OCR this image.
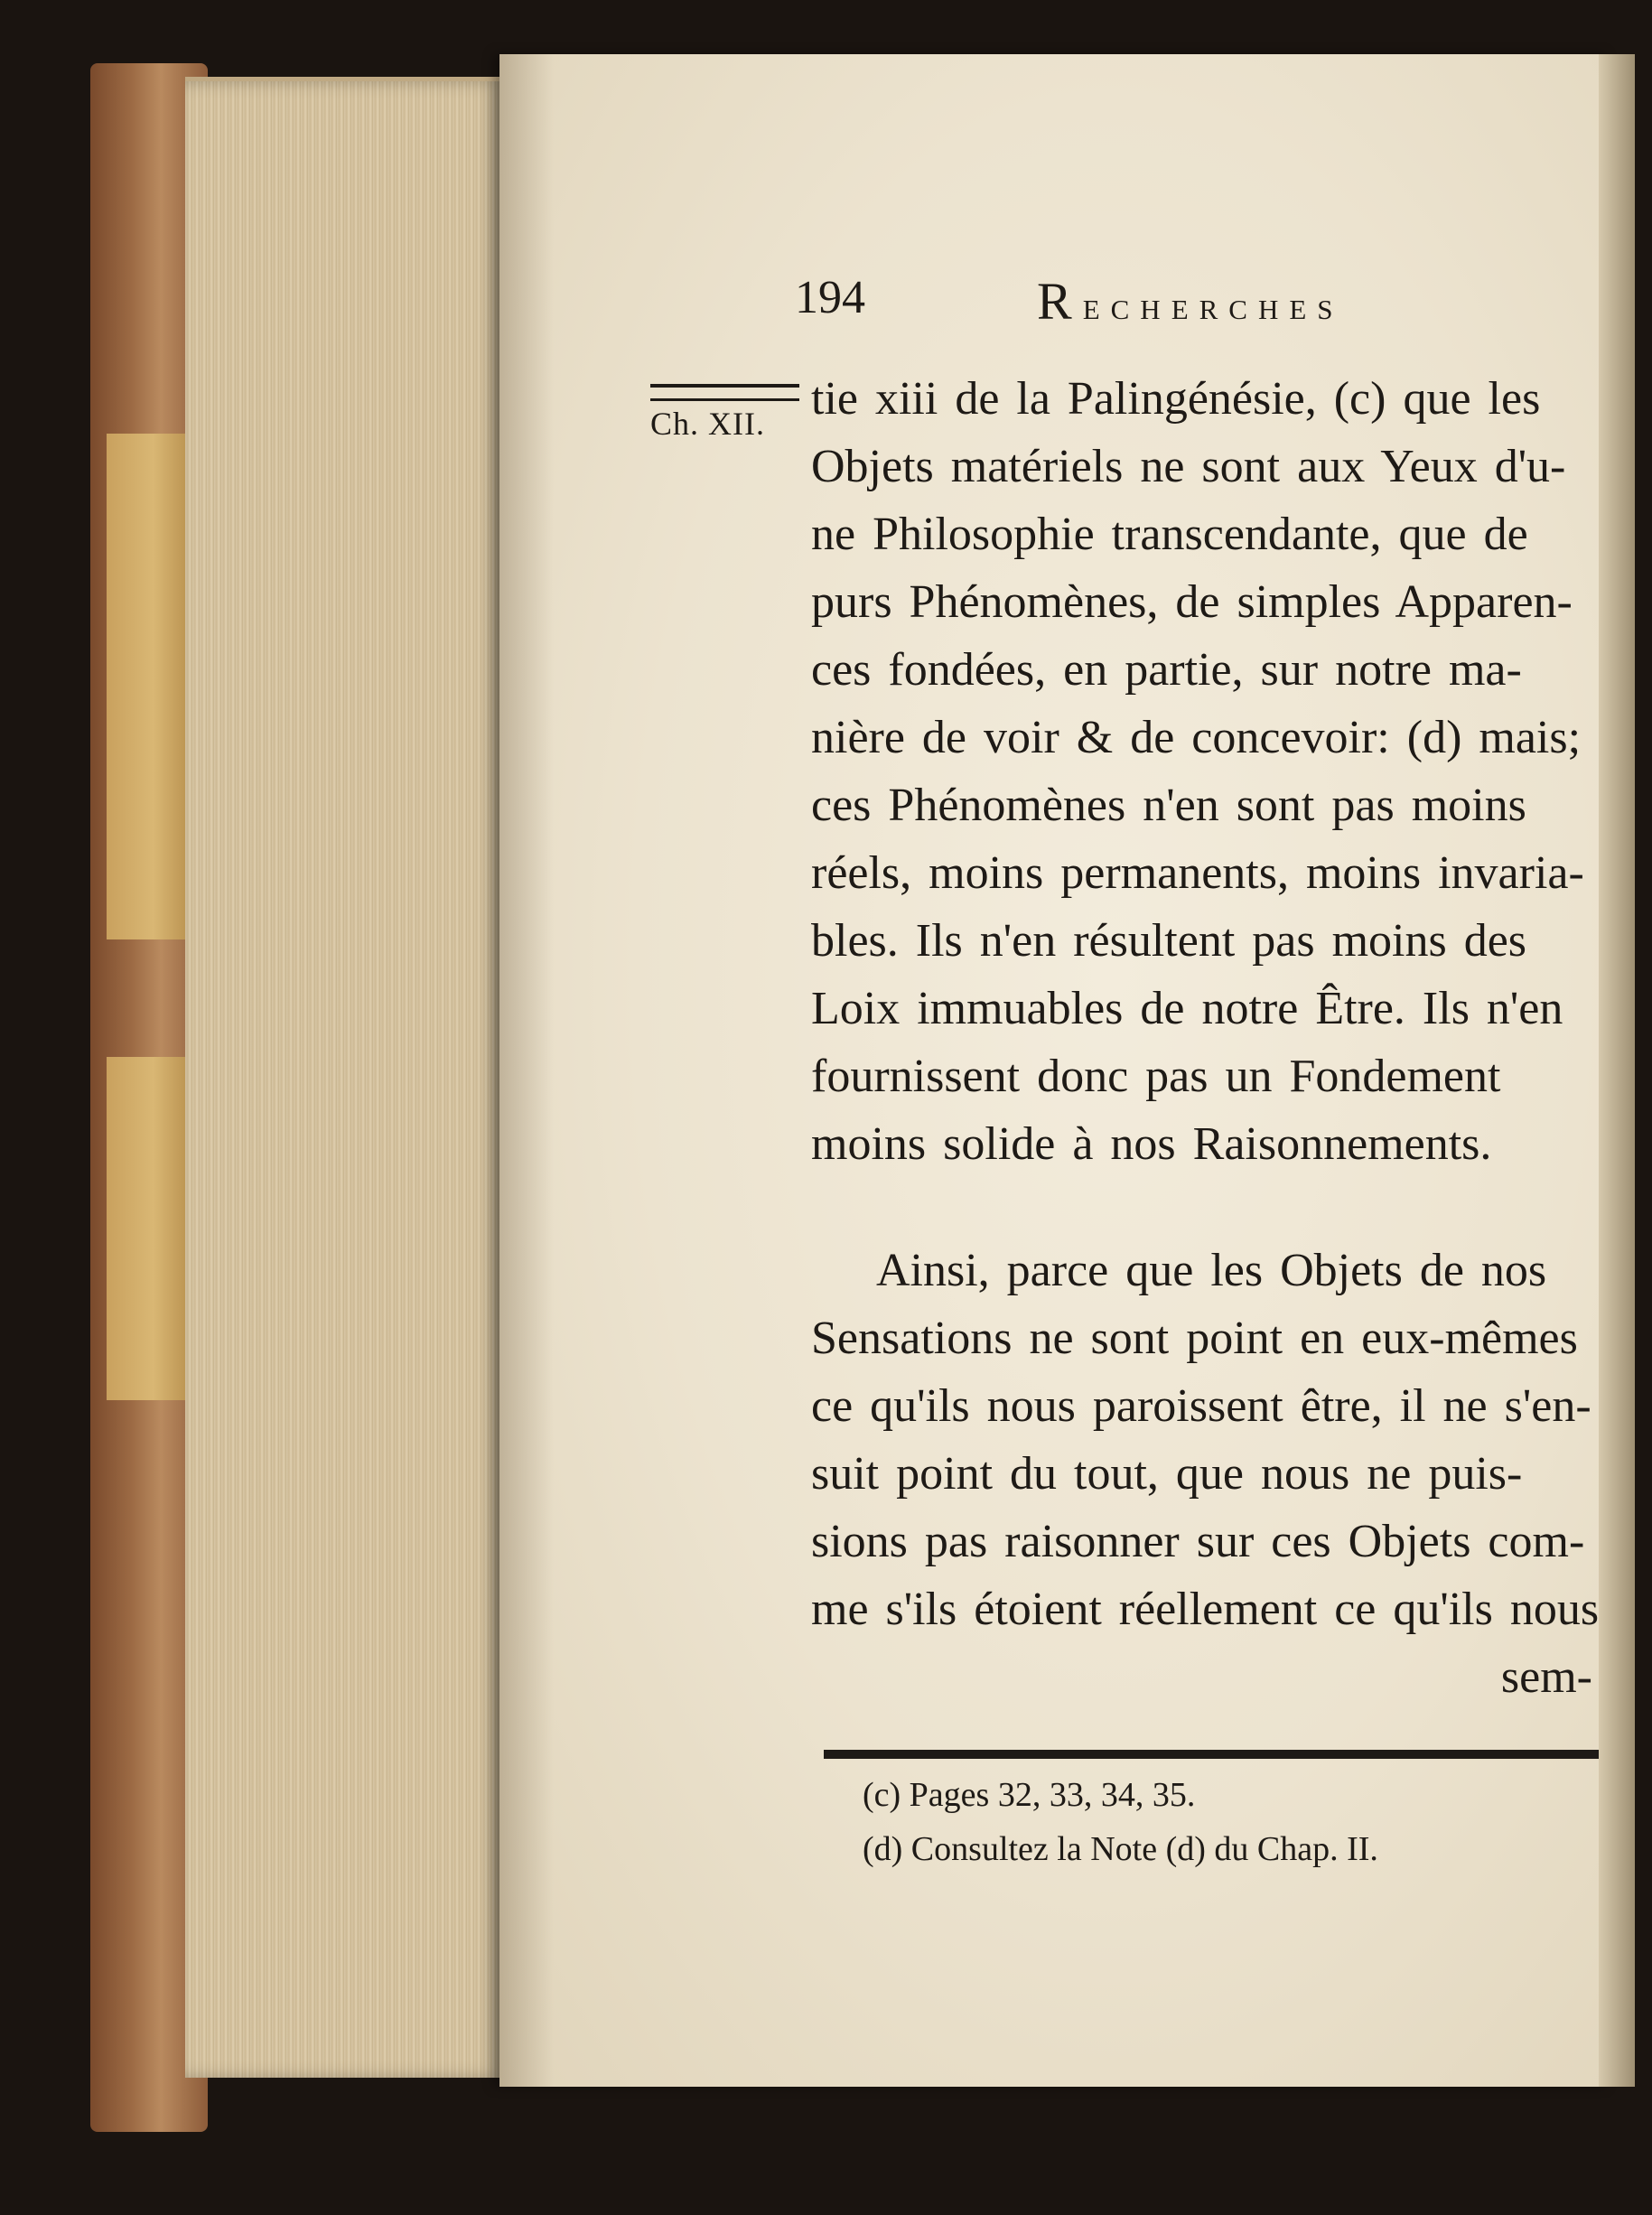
194	Recherches
Ch. XII. tie xiii de la Palingénésie, (c) que les
Objets matériels ne sont aux Yeux d'u-
ne Philosophie transcendante, que de
purs Phénomènes, de simples Apparen-
ces fondées, en partie, sur notre ma-
nière de voir & de concevoir: (d) mais;
ces Phénomènes n'en sont pas moins
réels, moins permanents, moins invaria-
bles. Ils n'en résultent pas moins des
Loix immuables de notre Être. Ils n'en
fournissent donc pas un Fondement
moins solide à nos Raisonnements.
Ainsi, parce que les Objets de nos
Sensations ne sont point en eux-mêmes
ce qu'ils nous paroissent être, il ne s'en-
suit point du tout, que nous ne puis-
sions pas raisonner sur ces Objets com-
me s'ils étoient réellement ce qu'ils nous
sem-
(c) Pages 32, 33, 34, 35.
(d) Consultez la Note (d) du Chap. II.
